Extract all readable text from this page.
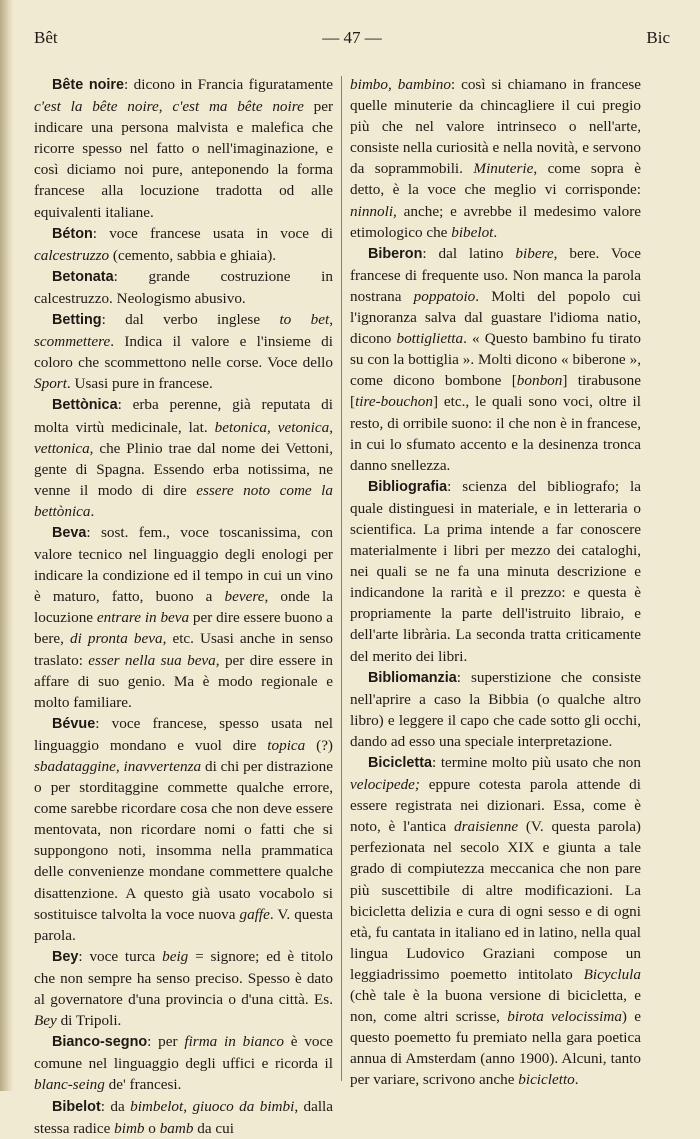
Bêt	— 47 —	Bic

Bête noire: dicono in Francia figuratamente c'est la bête noire, c'est ma bête noire per indicare una persona malvista e malefica che ricorre spesso nel fatto o nell'imaginazione, e così diciamo noi pure, anteponendo la forma francese alla locuzione tradotta od alle equivalenti italiane.

Béton: voce francese usata in voce di calcestruzzo (cemento, sabbia e ghiaia).

Betonata: grande costruzione in calcestruzzo. Neologismo abusivo.

Betting: dal verbo inglese to bet, scommettere. Indica il valore e l'insieme di coloro che scommettono nelle corse. Voce dello Sport. Usasi pure in francese.

Bettònica: erba perenne, già reputata di molta virtù medicinale, lat. betonica, vetonica, vettonica, che Plinio trae dal nome dei Vettoni, gente di Spagna. Essendo erba notissima, ne venne il modo di dire essere noto come la bettònica.

Beva: sost. fem., voce toscanissima, con valore tecnico nel linguaggio degli enologi per indicare la condizione ed il tempo in cui un vino è maturo, fatto, buono a bevere, onde la locuzione entrare in beva per dire essere buono a bere, di pronta beva, etc. Usasi anche in senso traslato: esser nella sua beva, per dire essere in affare di suo genio. Ma è modo regionale e molto familiare.

Bévue: voce francese, spesso usata nel linguaggio mondano e vuol dire topica (?) sbadataggine, inavvertenza di chi per distrazione o per storditaggine commette qualche errore, come sarebbe ricordare cosa che non deve essere mentovata, non ricordare nomi o fatti che si suppongono noti, insomma nella prammatica delle convenienze mondane commettere qualche disattenzione. A questo già usato vocabolo si sostituisce talvolta la voce nuova gaffe. V. questa parola.

Bey: voce turca beig = signore; ed è titolo che non sempre ha senso preciso. Spesso è dato al governatore d'una provincia o d'una città. Es. Bey di Tripoli.

Bianco-segno: per firma in bianco è voce comune nel linguaggio degli uffici e ricorda il blanc-seing de' francesi.

Bibelot: da bimbelot, giuoco da bimbi, dalla stessa radice bimb o bamb da cui

bimbo, bambino: così si chiamano in francese quelle minuterie da chincagliere il cui pregio più che nel valore intrinseco o nell'arte, consiste nella curiosità e nella novità, e servono da soprammobili. Minuterie, come sopra è detto, è la voce che meglio vi corrisponde: ninnoli, anche; e avrebbe il medesimo valore etimologico che bibelot.

Biberon: dal latino bibere, bere. Voce francese di frequente uso. Non manca la parola nostrana poppatoio. Molti del popolo cui l'ignoranza salva dal guastare l'idioma natio, dicono bottiglietta. « Questo bambino fu tirato su con la bottiglia ». Molti dicono « biberone », come dicono bombone [bonbon] tirabusone [tire-bouchon] etc., le quali sono voci, oltre il resto, di orribile suono: il che non è in francese, in cui lo sfumato accento e la desinenza tronca danno snellezza.

Bibliografia: scienza del bibliografo; la quale distinguesi in materiale, e in letteraria o scientifica. La prima intende a far conoscere materialmente i libri per mezzo dei cataloghi, nei quali se ne fa una minuta descrizione e indicandone la rarità e il prezzo: e questa è propriamente la parte dell'istruito libraio, e dell'arte librària. La seconda tratta criticamente del merito dei libri.

Bibliomanzia: superstizione che consiste nell'aprire a caso la Bibbia (o qualche altro libro) e leggere il capo che cade sotto gli occhi, dando ad esso una speciale interpretazione.

Bicicletta: termine molto più usato che non velocipede; eppure cotesta parola attende di essere registrata nei dizionari. Essa, come è noto, è l'antica draisienne (V. questa parola) perfezionata nel secolo XIX e giunta a tale grado di compiutezza meccanica che non pare più suscettibile di altre modificazioni. La bicicletta delizia e cura di ogni sesso e di ogni età, fu cantata in italiano ed in latino, nella qual lingua Ludovico Graziani compose un leggiadrissimo poemetto intitolato Bicyclula (chè tale è la buona versione di bicicletta, e non, come altri scrisse, birota velocissima) e questo poemetto fu premiato nella gara poetica annua di Amsterdam (anno 1900). Alcuni, tanto per variare, scrivono anche bicicletto.
